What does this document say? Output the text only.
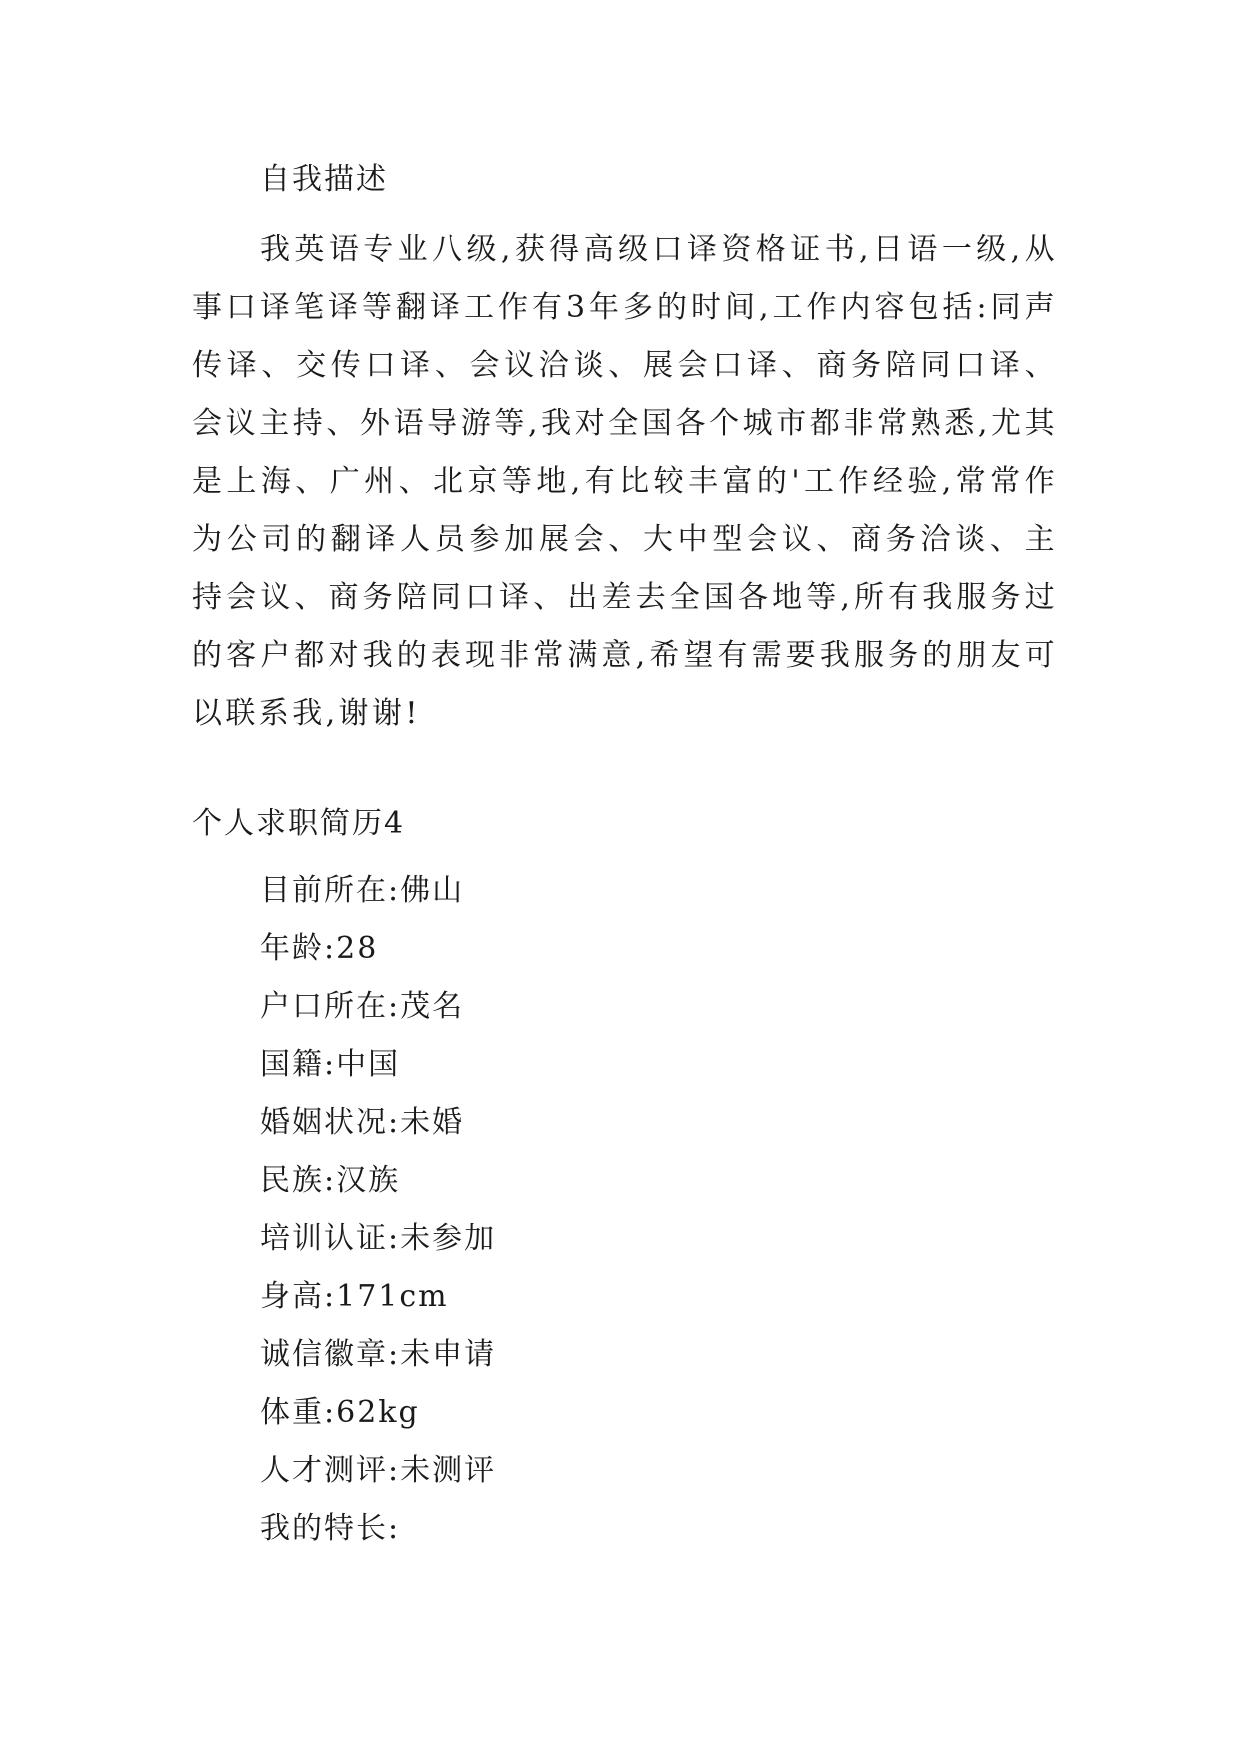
自我描述

我英语专业八级,获得高级口译资格证书,日语一级,从事口译笔译等翻译工作有3年多的时间,工作内容包括:同声传译、交传口译、会议洽谈、展会口译、商务陪同口译、会议主持、外语导游等,我对全国各个城市都非常熟悉,尤其是上海、广州、北京等地,有比较丰富的'工作经验,常常作为公司的翻译人员参加展会、大中型会议、商务洽谈、主持会议、商务陪同口译、出差去全国各地等,所有我服务过的客户都对我的表现非常满意,希望有需要我服务的朋友可以联系我,谢谢!

个人求职简历4
目前所在:佛山
年龄:28
户口所在:茂名
国籍:中国
婚姻状况:未婚
民族:汉族
培训认证:未参加
身高:171cm
诚信徽章:未申请
体重:62kg
人才测评:未测评
我的特长:
